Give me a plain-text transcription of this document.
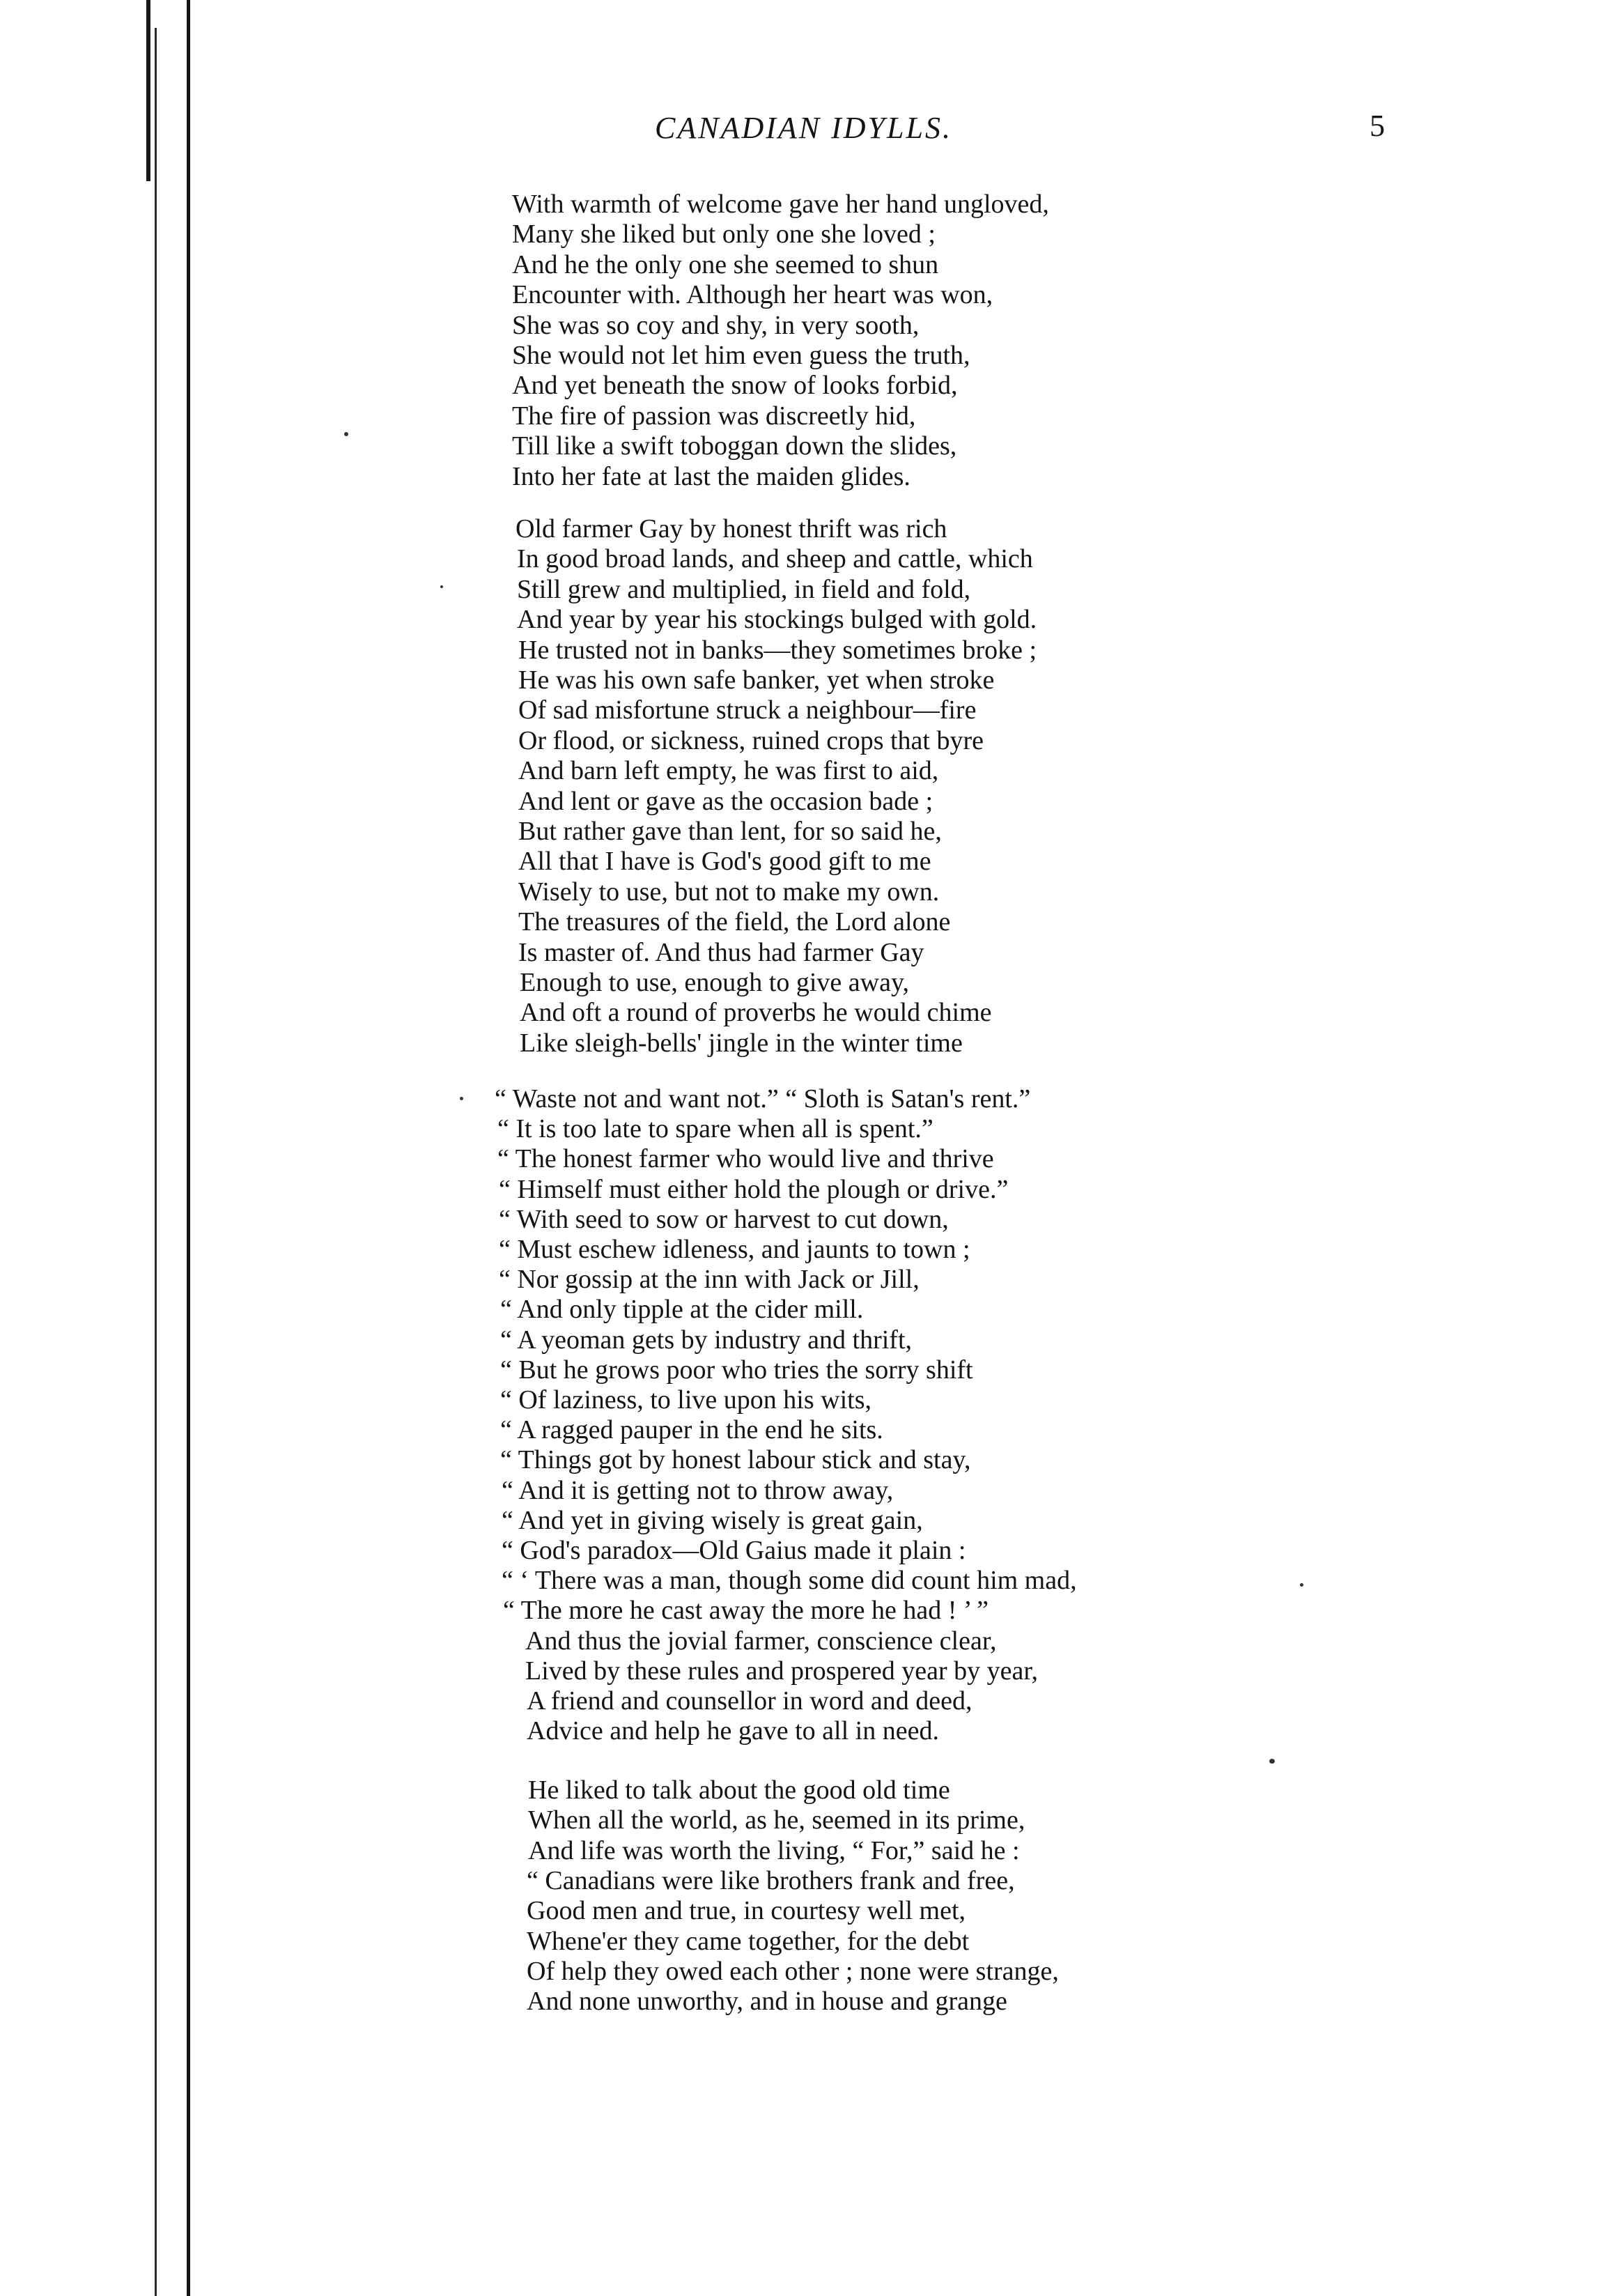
CANADIAN IDYLLS.	5
With warmth of welcome gave her hand ungloved,
Many she liked but only one she loved ;
And he the only one she seemed to shun
Encounter with. Although her heart was won,
She was so coy and shy, in very sooth,
She would not let him even guess the truth,
And yet beneath the snow of looks forbid,
The fire of passion was discreetly hid,
Till like a swift toboggan down the slides,
Into her fate at last the maiden glides.
Old farmer Gay by honest thrift was rich
In good broad lands, and sheep and cattle, which
Still grew and multiplied, in field and fold,
And year by year his stockings bulged with gold.
He trusted not in banks—they sometimes broke ;
He was his own safe banker, yet when stroke
Of sad misfortune struck a neighbour—fire
Or flood, or sickness, ruined crops that byre
And barn left empty, he was first to aid,
And lent or gave as the occasion bade ;
But rather gave than lent, for so said he,
All that I have is God's good gift to me
Wisely to use, but not to make my own.
The treasures of the field, the Lord alone
Is master of. And thus had farmer Gay
Enough to use, enough to give away,
And oft a round of proverbs he would chime
Like sleigh-bells' jingle in the winter time
“ Waste not and want not.” “ Sloth is Satan's rent.”
“ It is too late to spare when all is spent.”
“ The honest farmer who would live and thrive
“ Himself must either hold the plough or drive.”
“ With seed to sow or harvest to cut down,
“ Must eschew idleness, and jaunts to town ;
“ Nor gossip at the inn with Jack or Jill,
“ And only tipple at the cider mill.
“ A yeoman gets by industry and thrift,
“ But he grows poor who tries the sorry shift
“ Of laziness, to live upon his wits,
“ A ragged pauper in the end he sits.
“ Things got by honest labour stick and stay,
“ And it is getting not to throw away,
“ And yet in giving wisely is great gain,
“ God's paradox—Old Gaius made it plain :
“ ‘ There was a man, though some did count him mad,
“ The more he cast away the more he had ! ’ ”
And thus the jovial farmer, conscience clear,
Lived by these rules and prospered year by year,
A friend and counsellor in word and deed,
Advice and help he gave to all in need.
He liked to talk about the good old time
When all the world, as he, seemed in its prime,
And life was worth the living, “ For,” said he :
“ Canadians were like brothers frank and free,
Good men and true, in courtesy well met,
Whene'er they came together, for the debt
Of help they owed each other ; none were strange,
And none unworthy, and in house and grange
